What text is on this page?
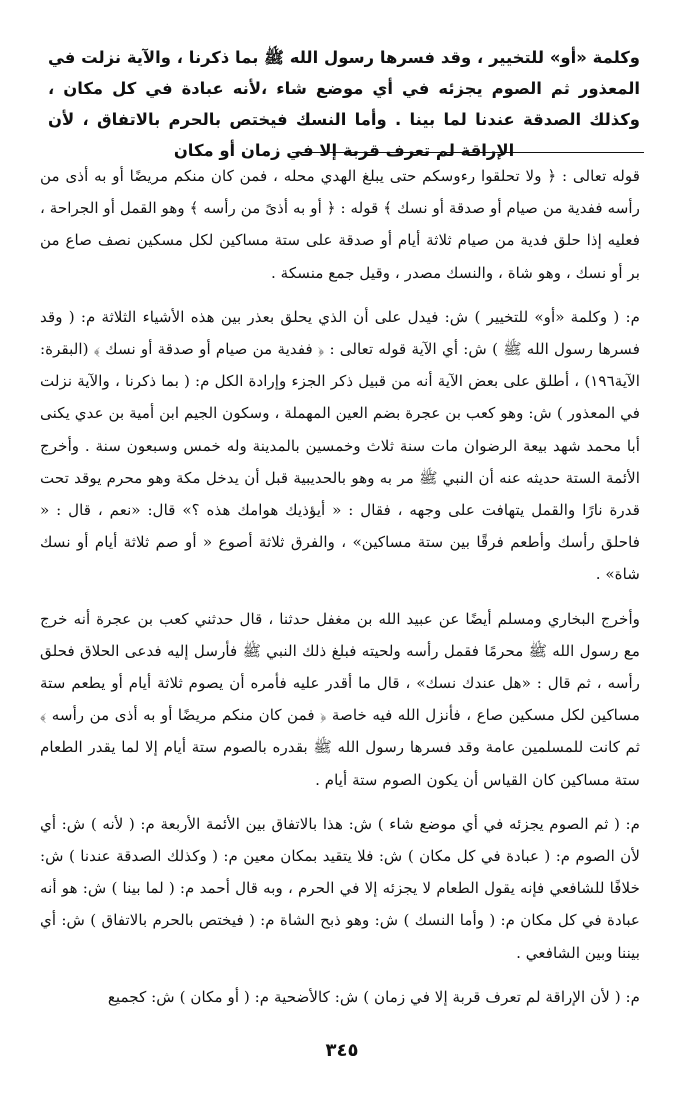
وكلمة «أو» للتخيير ، وقد فسرها رسول الله ﷺ بما ذكرنا ، والآية نزلت في المعذور ثم الصوم يجزئه في أي موضع شاء ،لأنه عبادة في كل مكان ، وكذلك الصدقة عندنا لما بينا . وأما النسك فيختص بالحرم بالاتفاق ، لأن الإراقة لم تعرف قربة إلا في زمان أو مكان

قوله تعالى : ﴿ ولا تحلقوا رءوسكم حتى يبلغ الهدي محله ، فمن كان منكم مريضًا أو به أذى من رأسه ففدية من صيام أو صدقة أو نسك ﴾ قوله : ﴿ أو به أذىً من رأسه ﴾ وهو القمل أو الجراحة ، فعليه إذا حلق فدية من صيام ثلاثة أيام أو صدقة على ستة مساكين لكل مسكين نصف صاع من بر أو نسك ، وهو شاة ، والنسك مصدر ، وقيل جمع منسكة .

م: ( وكلمة «أو» للتخيير ) ش: فيدل على أن الذي يحلق بعذر بين هذه الأشياء الثلاثة م: ( وقد فسرها رسول الله ﷺ ) ش: أي الآية قوله تعالى : ﴿ ففدية من صيام أو صدقة أو نسك ﴾ (البقرة: الآية١٩٦) ، أطلق على بعض الآية أنه من قبيل ذكر الجزء وإرادة الكل م: ( بما ذكرنا ، والآية نزلت في المعذور ) ش: وهو كعب بن عجرة بضم العين المهملة ، وسكون الجيم ابن أمية بن عدي يكنى أبا محمد شهد بيعة الرضوان مات سنة ثلاث وخمسين بالمدينة وله خمس وسبعون سنة . وأخرج الأئمة الستة حديثه عنه أن النبي ﷺ مر به وهو بالحديبية قبل أن يدخل مكة وهو محرم يوقد تحت قدرة نارًا والقمل يتهافت على وجهه ، فقال : « أيؤذيك هوامك هذه ؟» قال: «نعم ، قال : « فاحلق رأسك وأطعم فرقًا بين ستة مساكين» ، والفرق ثلاثة أصوع « أو صم ثلاثة أيام أو نسك شاة» .

وأخرج البخاري ومسلم أيضًا عن عبيد الله بن مغفل حدثنا ، قال حدثني كعب بن عجرة أنه خرج مع رسول الله ﷺ محرمًا فقمل رأسه ولحيته فبلغ ذلك النبي ﷺ فأرسل إليه فدعى الحلاق فحلق رأسه ، ثم قال : «هل عندك نسك» ، قال ما أقدر عليه فأمره أن يصوم ثلاثة أيام أو يطعم ستة مساكين لكل مسكين صاع ، فأنزل الله فيه خاصة ﴿ فمن كان منكم مريضًا أو به أذى من رأسه ﴾ ثم كانت للمسلمين عامة وقد فسرها رسول الله ﷺ بقدره بالصوم ستة أيام إلا لما يقدر الطعام ستة مساكين كان القياس أن يكون الصوم ستة أيام .

م: ( ثم الصوم يجزئه في أي موضع شاء ) ش: هذا بالاتفاق بين الأئمة الأربعة م: ( لأنه ) ش: أي لأن الصوم م: ( عبادة في كل مكان ) ش: فلا يتقيد بمكان معين م: ( وكذلك الصدقة عندنا ) ش: خلافًا للشافعي فإنه يقول الطعام لا يجزئه إلا في الحرم ، وبه قال أحمد م: ( لما بينا ) ش: هو أنه عبادة في كل مكان م: ( وأما النسك ) ش: وهو ذبح الشاة م: ( فيختص بالحرم بالاتفاق ) ش: أي بيننا وبين الشافعي .

م: ( لأن الإراقة لم تعرف قربة إلا في زمان ) ش: كالأضحية م: ( أو مكان ) ش: كجميع

٣٤٥
